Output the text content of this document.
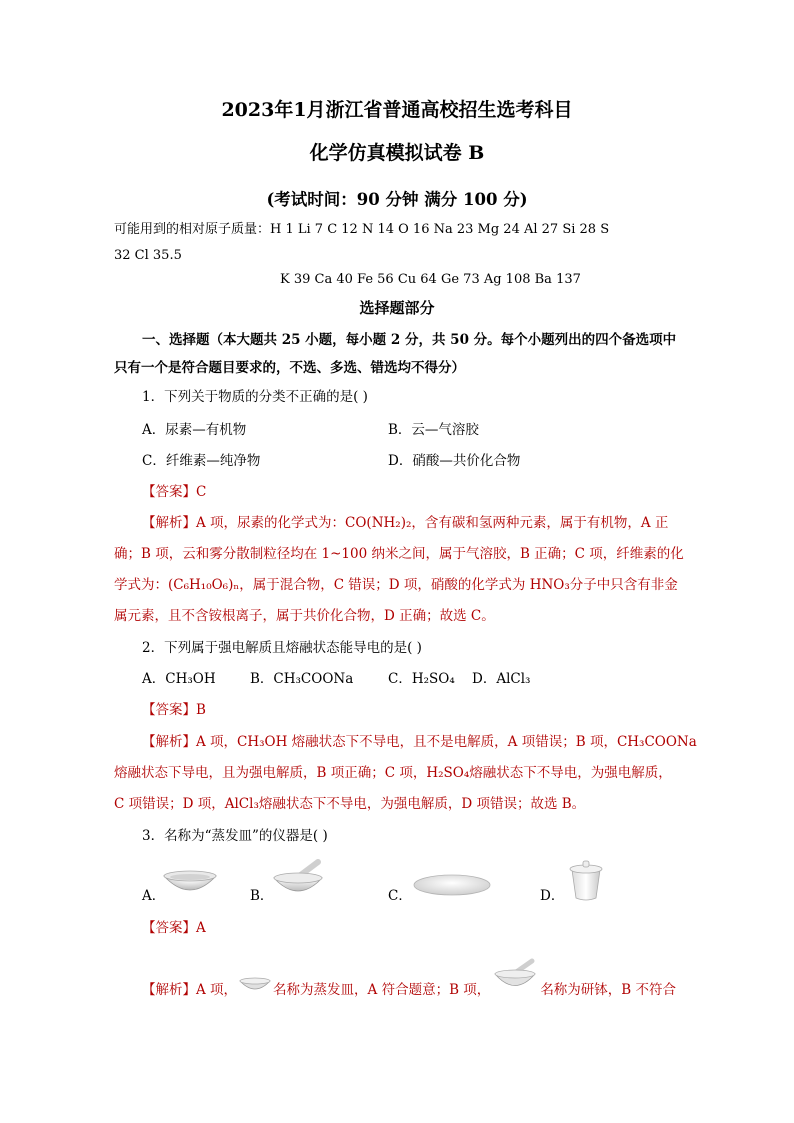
2023年1月浙江省普通高校招生选考科目
化学仿真模拟试卷 B
(考试时间：90 分钟 满分 100 分)
可能用到的相对原子质量：H 1 Li 7 C 12 N 14 O 16 Na 23 Mg 24 Al 27 Si 28 S
32 Cl 35.5
K 39 Ca 40 Fe 56 Cu 64 Ge 73 Ag 108 Ba 137
选择题部分
一、选择题（本大题共 25 小题，每小题 2 分，共 50 分。每个小题列出的四个备选项中
只有一个是符合题目要求的，不选、多选、错选均不得分）
1．下列关于物质的分类不正确的是( )
A．尿素—有机物	B．云—气溶胶
C．纤维素—纯净物	D．硝酸—共价化合物
【答案】C
【解析】A 项，尿素的化学式为：CO(NH₂)₂，含有碳和氢两种元素，属于有机物，A 正
确；B 项，云和雾分散制粒径均在 1~100 纳米之间，属于气溶胶，B 正确；C 项，纤维素的化
学式为：(C₆H₁₀O₆)ₙ，属于混合物，C 错误；D 项，硝酸的化学式为 HNO₃分子中只含有非金
属元素，且不含铵根离子，属于共价化合物，D 正确；故选 C。
2．下列属于强电解质且熔融状态能导电的是( )
A．CH₃OH	B．CH₃COONa	C．H₂SO₄ D．AlCl₃
【答案】B
【解析】A 项，CH₃OH 熔融状态下不导电，且不是电解质，A 项错误；B 项，CH₃COONa
熔融状态下导电，且为强电解质，B 项正确；C 项，H₂SO₄熔融状态下不导电，为强电解质，
C 项错误；D 项，AlCl₃熔融状态下不导电，为强电解质，D 项错误；故选 B。
3．名称为“蒸发皿”的仪器是( )
A．	B．	C．	D．
【答案】A
【解析】A 项，	名称为蒸发皿，A 符合题意；B 项，	名称为研钵，B 不符合
